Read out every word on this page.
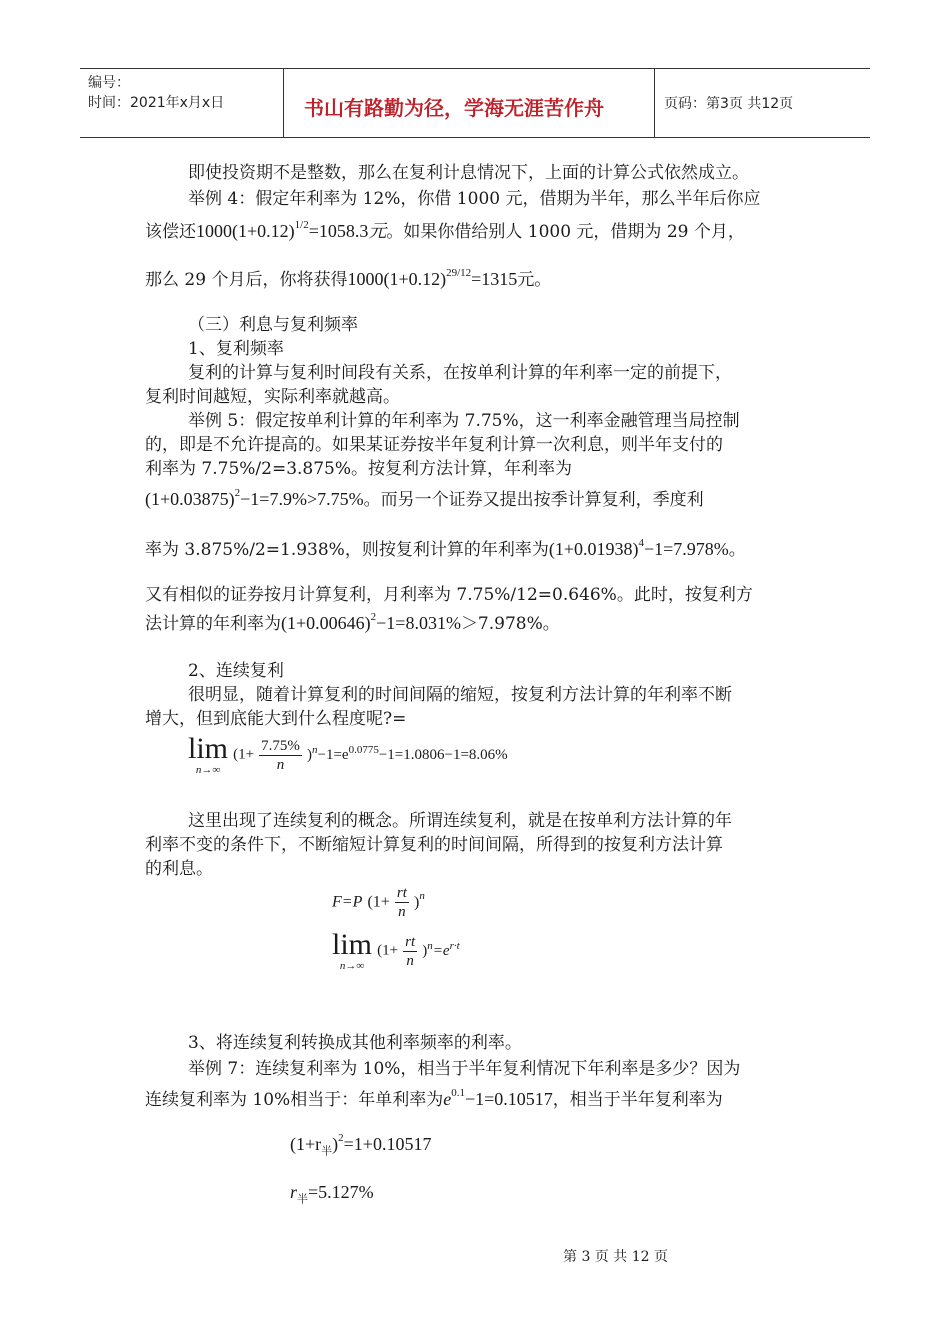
编号：
时间：2021年x月x日	书山有路勤为径，学海无涯苦作舟	页码：第3页 共12页
即使投资期不是整数，那么在复利计息情况下，上面的计算公式依然成立。
举例 4：假定年利率为 12%，你借 1000 元，借期为半年，那么半年后你应
该偿还$1000(1+0.12)^{1/2}=1058.3$元。如果你借给别人 1000 元，借期为 29 个月，
那么 29 个月后，你将获得$1000(1+0.12)^{29/12}=1315$元。
（三）利息与复利频率
1、复利频率
复利的计算与复利时间段有关系，在按单利计算的年利率一定的前提下，
复利时间越短，实际利率就越高。
举例 5：假定按单利计算的年利率为 7.75%，这一利率金融管理当局控制
的，即是不允许提高的。如果某证券按半年复利计算一次利息，则半年支付的
利率为 7.75%/2=3.875%。按复利方法计算，年利率为
$(1+0.03875)^2-1=7.9\%>7.75\%$。而另一个证券又提出按季计算复利，季度利
率为 3.875%/2=1.938%，则按复利计算的年利率为$(1+0.01938)^4-1=7.978\%$。
又有相似的证券按月计算复利，月利率为 7.75%/12=0.646%。此时，按复利方
法计算的年利率为$(1+0.00646)^2-1=8.031\%>7.978\%$。
2、连续复利
很明显，随着计算复利的时间间隔的缩短，按复利方法计算的年利率不断
增大，但到底能大到什么程度呢?=
lim
n→∞
$(1+ \frac{7.75\%}{n} )^n-1=e^{0.0775}-1=1.0806-1=8.06\%$
这里出现了连续复利的概念。所谓连续复利，就是在按单利方法计算的年
利率不变的条件下，不断缩短计算复利的时间间隔，所得到的按复利方法计算
的利息。
F=P $(1+ \frac{rt}{n} )^n$
lim
n→∞
$(1+ \frac{rt}{n} )^n=e^{r\cdot t}$
3、将连续复利转换成其他利率频率的利率。
举例 7：连续复利率为 10%，相当于半年复利情况下年利率是多少？因为
连续复利率为 10%相当于：年单利率为$e^{0.1}-1=0.10517$，相当于半年复利率为
$(1+r_半)^2=1+0.10517$
$r_半=5.127\%$
第 3 页 共 12 页
